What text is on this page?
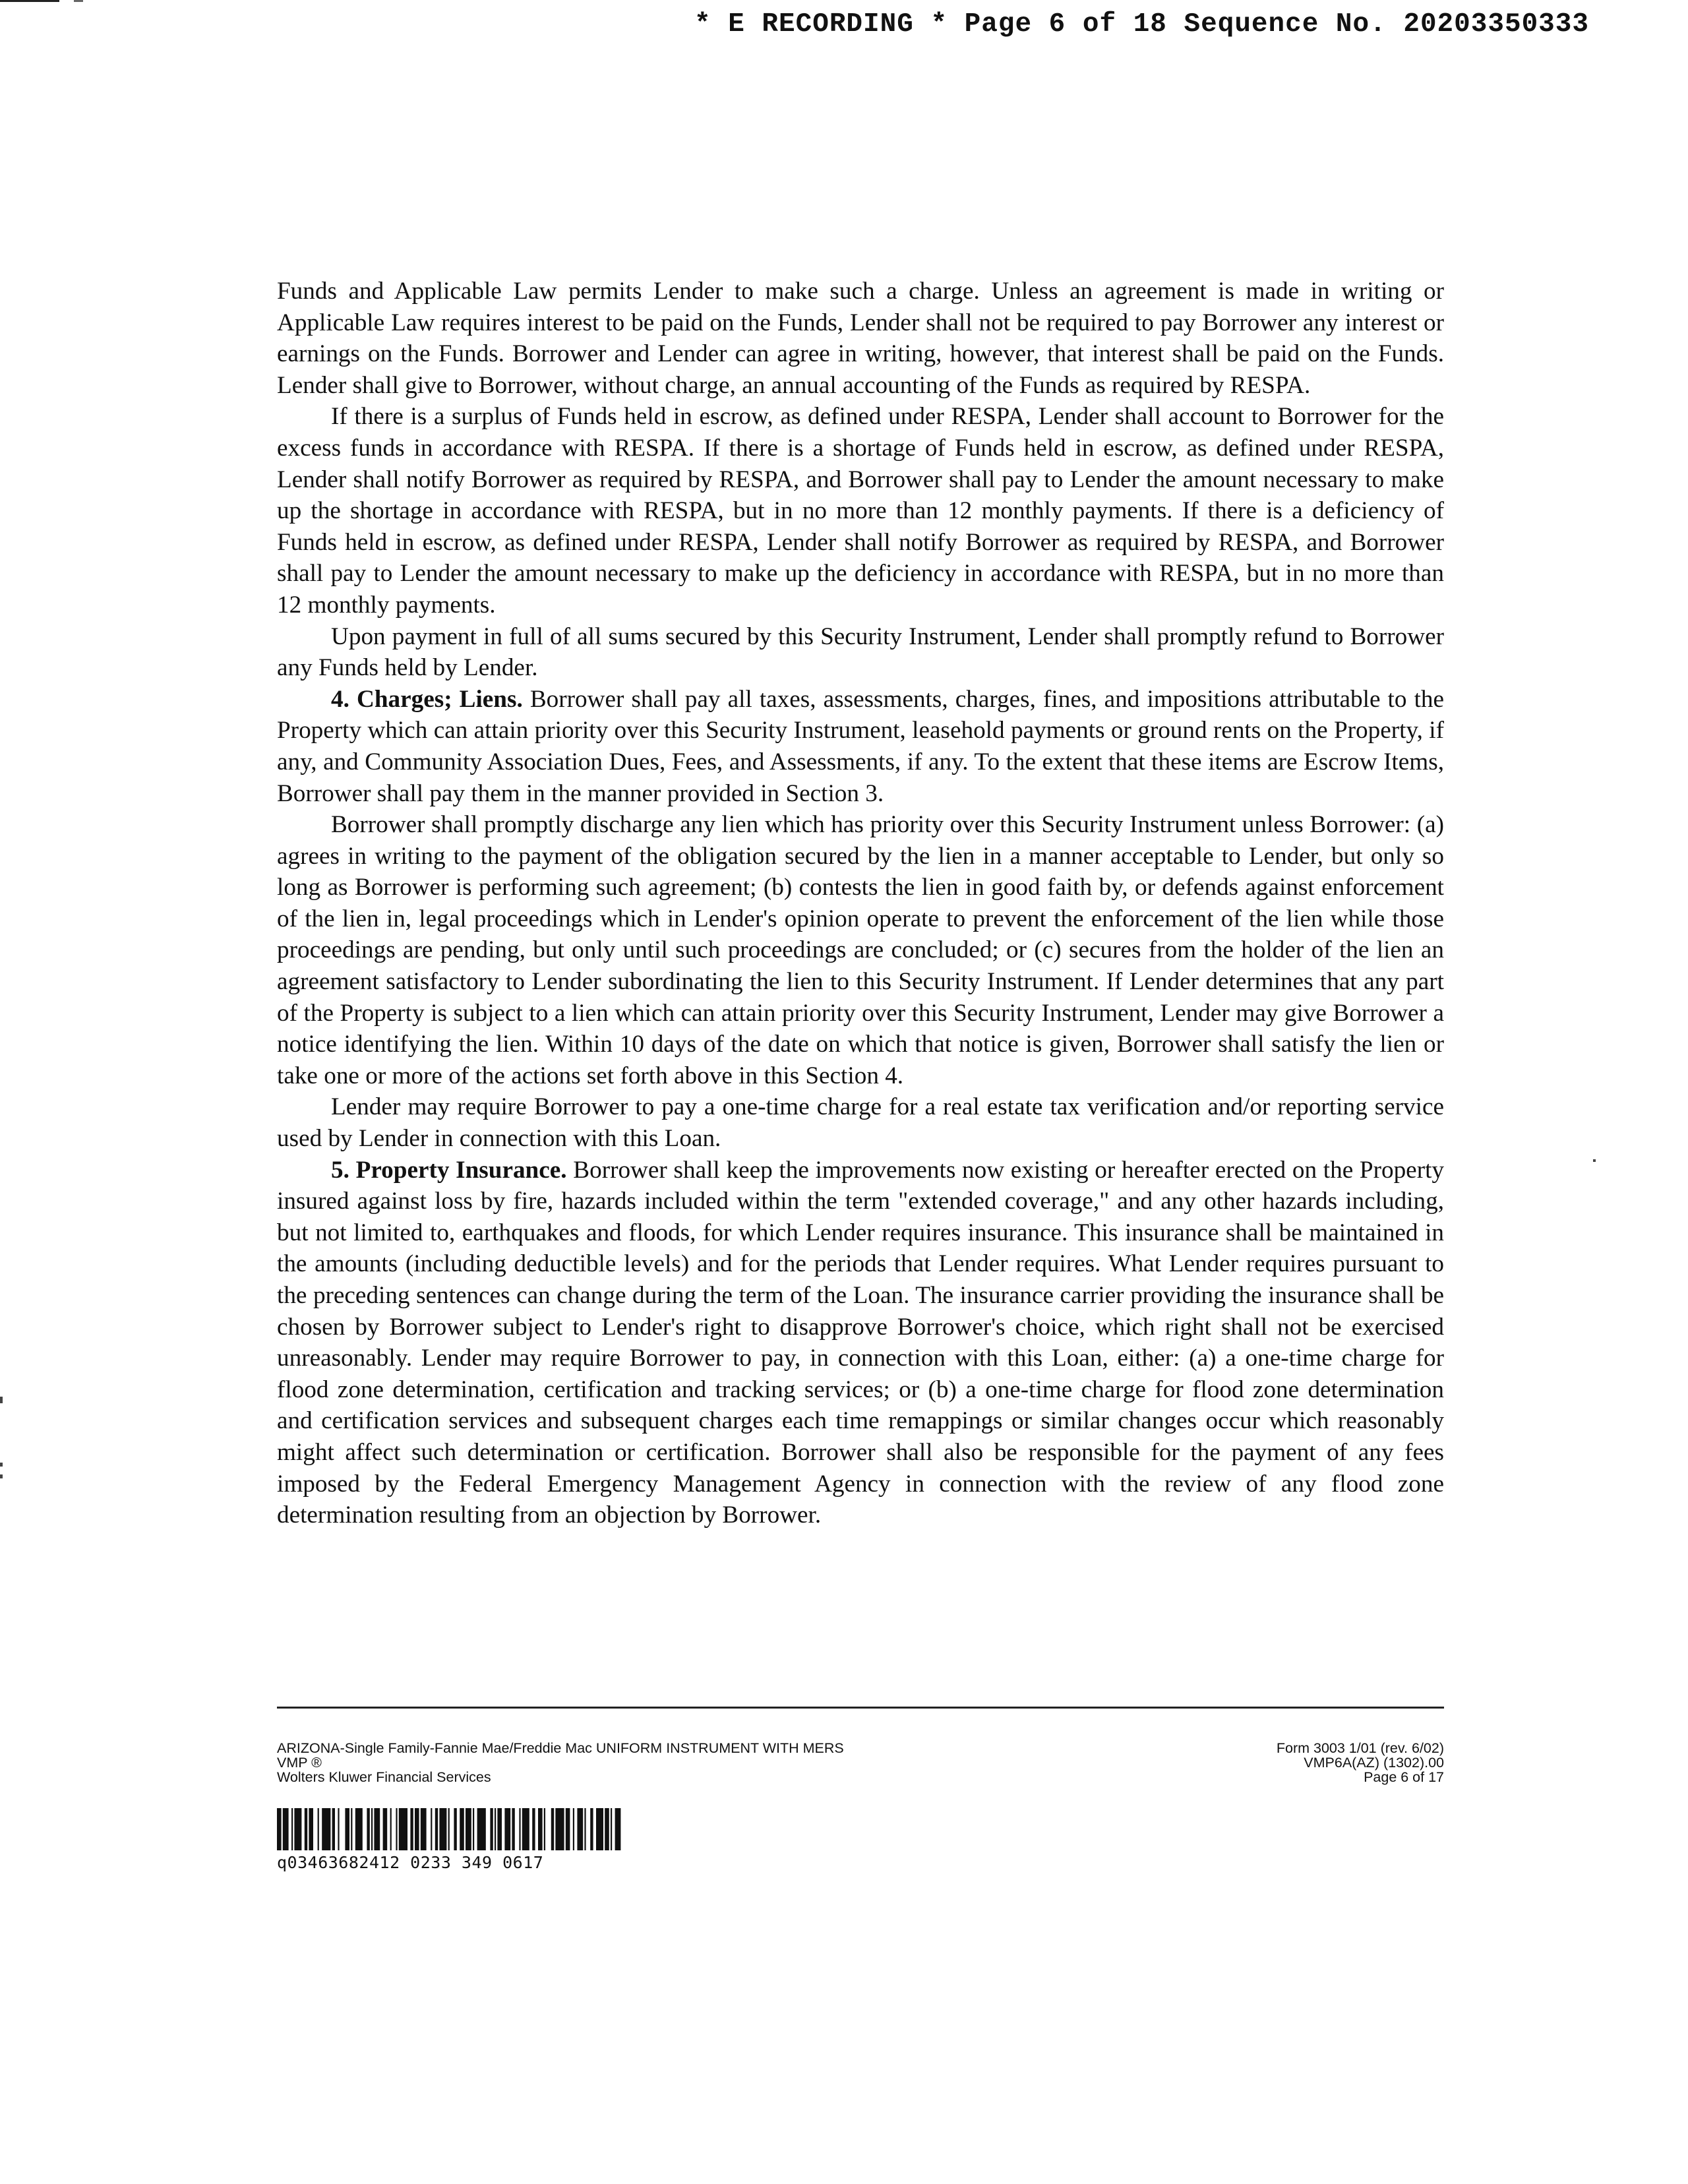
* E RECORDING * Page 6 of 18 Sequence No. 20203350333

Funds and Applicable Law permits Lender to make such a charge. Unless an agreement is made in writing or Applicable Law requires interest to be paid on the Funds, Lender shall not be required to pay Borrower any interest or earnings on the Funds. Borrower and Lender can agree in writing, however, that interest shall be paid on the Funds. Lender shall give to Borrower, without charge, an annual accounting of the Funds as required by RESPA.

If there is a surplus of Funds held in escrow, as defined under RESPA, Lender shall account to Borrower for the excess funds in accordance with RESPA. If there is a shortage of Funds held in escrow, as defined under RESPA, Lender shall notify Borrower as required by RESPA, and Borrower shall pay to Lender the amount necessary to make up the shortage in accordance with RESPA, but in no more than 12 monthly payments. If there is a deficiency of Funds held in escrow, as defined under RESPA, Lender shall notify Borrower as required by RESPA, and Borrower shall pay to Lender the amount necessary to make up the deficiency in accordance with RESPA, but in no more than 12 monthly payments.

Upon payment in full of all sums secured by this Security Instrument, Lender shall promptly refund to Borrower any Funds held by Lender.

4. Charges; Liens. Borrower shall pay all taxes, assessments, charges, fines, and impositions attributable to the Property which can attain priority over this Security Instrument, leasehold payments or ground rents on the Property, if any, and Community Association Dues, Fees, and Assessments, if any. To the extent that these items are Escrow Items, Borrower shall pay them in the manner provided in Section 3.

Borrower shall promptly discharge any lien which has priority over this Security Instrument unless Borrower: (a) agrees in writing to the payment of the obligation secured by the lien in a manner acceptable to Lender, but only so long as Borrower is performing such agreement; (b) contests the lien in good faith by, or defends against enforcement of the lien in, legal proceedings which in Lender's opinion operate to prevent the enforcement of the lien while those proceedings are pending, but only until such proceedings are concluded; or (c) secures from the holder of the lien an agreement satisfactory to Lender subordinating the lien to this Security Instrument. If Lender determines that any part of the Property is subject to a lien which can attain priority over this Security Instrument, Lender may give Borrower a notice identifying the lien. Within 10 days of the date on which that notice is given, Borrower shall satisfy the lien or take one or more of the actions set forth above in this Section 4.

Lender may require Borrower to pay a one-time charge for a real estate tax verification and/or reporting service used by Lender in connection with this Loan.

5. Property Insurance. Borrower shall keep the improvements now existing or hereafter erected on the Property insured against loss by fire, hazards included within the term "extended coverage," and any other hazards including, but not limited to, earthquakes and floods, for which Lender requires insurance. This insurance shall be maintained in the amounts (including deductible levels) and for the periods that Lender requires. What Lender requires pursuant to the preceding sentences can change during the term of the Loan. The insurance carrier providing the insurance shall be chosen by Borrower subject to Lender's right to disapprove Borrower's choice, which right shall not be exercised unreasonably. Lender may require Borrower to pay, in connection with this Loan, either: (a) a one-time charge for flood zone determination, certification and tracking services; or (b) a one-time charge for flood zone determination and certification services and subsequent charges each time remappings or similar changes occur which reasonably might affect such determination or certification. Borrower shall also be responsible for the payment of any fees imposed by the Federal Emergency Management Agency in connection with the review of any flood zone determination resulting from an objection by Borrower.

ARIZONA-Single Family-Fannie Mae/Freddie Mac UNIFORM INSTRUMENT WITH MERS
VMP ®
Wolters Kluwer Financial Services
Form 3003 1/01 (rev. 6/02)
VMP6A(AZ) (1302).00
Page 6 of 17
q03463682412 0233 349 0617
